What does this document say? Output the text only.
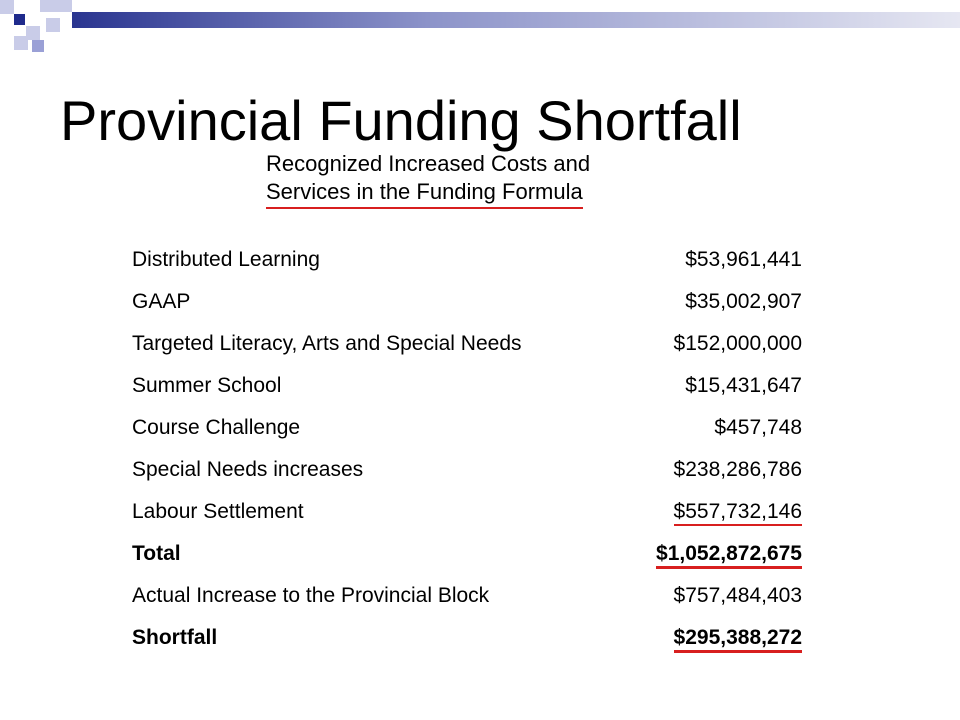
Provincial Funding Shortfall
Recognized Increased Costs and
Services in the Funding Formula
Distributed Learning	$53,961,441
GAAP	$35,002,907
Targeted Literacy, Arts and Special Needs	$152,000,000
Summer School	$15,431,647
Course Challenge	$457,748
Special Needs increases	$238,286,786
Labour Settlement	$557,732,146
Total	$1,052,872,675
Actual Increase to the Provincial Block	$757,484,403
Shortfall	$295,388,272
